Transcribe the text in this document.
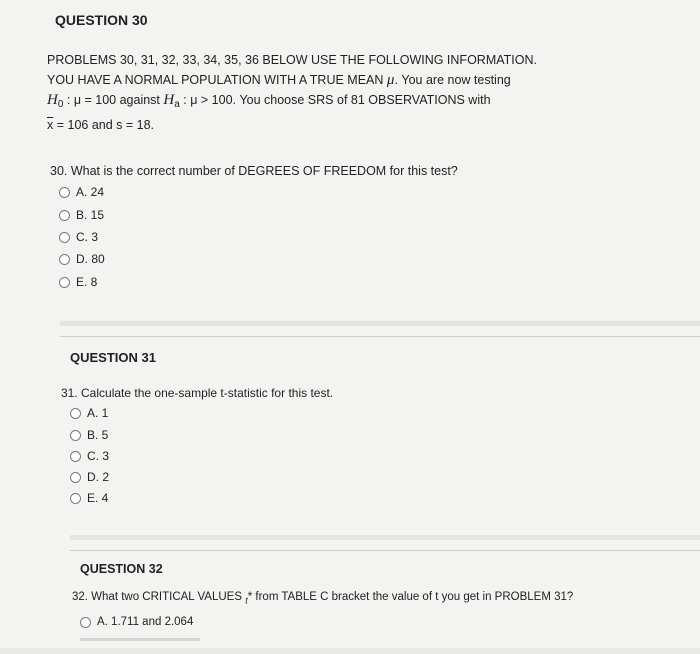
QUESTION 30
PROBLEMS 30, 31, 32, 33, 34, 35, 36 BELOW USE THE FOLLOWING INFORMATION.
YOU HAVE A NORMAL POPULATION WITH A TRUE MEAN μ. You are now testing
$H_0$ : μ = 100 against $H_a$ : μ > 100. You choose SRS of 81 OBSERVATIONS with
$\overline{x} = 106$ and s = 18.
30. What is the correct number of DEGREES OF FREEDOM for this test?
A. 24
B. 15
C. 3
D. 80
E. 8
QUESTION 31
31. Calculate the one-sample t-statistic for this test.
A. 1
B. 5
C. 3
D. 2
E. 4
QUESTION 32
32. What two CRITICAL VALUES $_t$* from TABLE C bracket the value of t you get in PROBLEM 31?
A. 1.711 and 2.064
